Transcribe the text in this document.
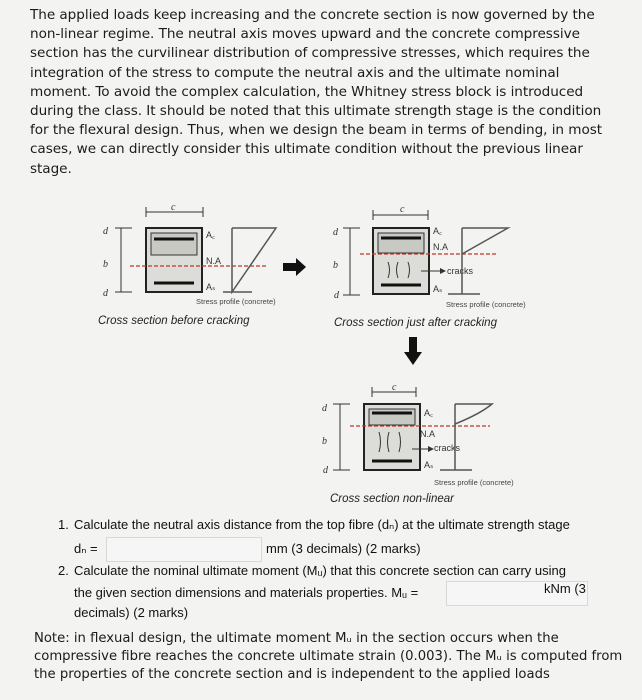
The applied loads keep increasing and the concrete section is now governed by the non-linear regime. The neutral axis moves upward and the concrete compressive section has the curvilinear distribution of compressive stresses, which requires the integration of the stress to compute the neutral axis and the ultimate nominal moment. To avoid the complex calculation, the Whitney stress block is introduced during the class. It should be noted that this ultimate strength stage is the condition for the flexural design. Thus, when we design the beam in terms of bending, in most cases, we can directly consider this ultimate condition without the previous linear stage.
c
d
d
b
A꜀
N.A
Aₛ
Stress profile (concrete)
Cross section before cracking
c
d
d
b
A꜀
N.A
cracks
Aₛ
Stress profile (concrete)
Cross section just after cracking
c
d
d
b
A꜀
N.A
cracks
Aₛ
Stress profile (concrete)
Cross section non-linear
1. Calculate the neutral axis distance from the top fibre (dₙ) at the ultimate strength stage
dₙ =	mm (3 decimals) (2 marks)
2. Calculate the nominal ultimate moment (Mᵤ) that this concrete section can carry using
the given section dimensions and materials properties. Mᵤ =	kNm (3
decimals) (2 marks)
Note: in flexual design, the ultimate moment Mᵤ in the section occurs when the compressive fibre reaches the concrete ultimate strain (0.003). The Mᵤ is computed from the properties of the concrete section and is independent to the applied loads
